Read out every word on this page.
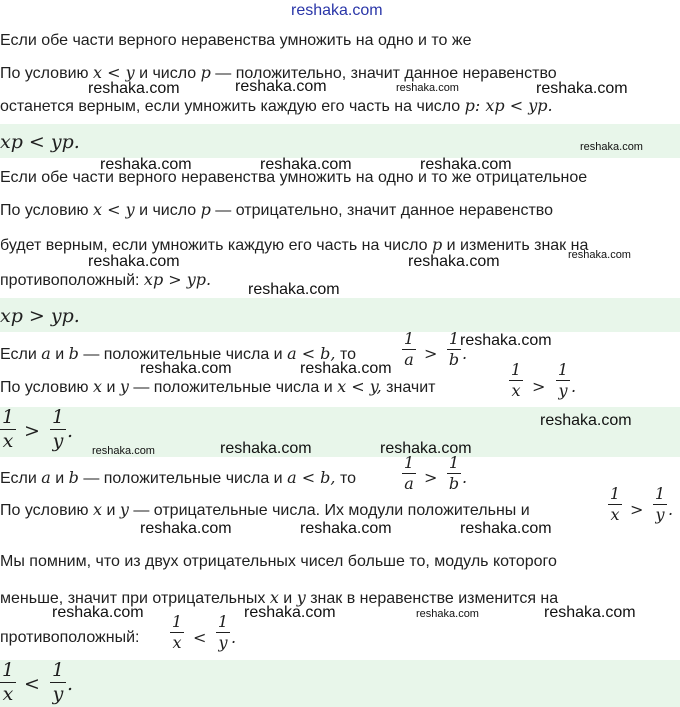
reshaka.com
Если обе части верного неравенства умножить на одно и то же
По условию x < y и число p — положительно, значит данное неравенство
останется верным, если умножить каждую его часть на число p: xp < yp.
xp < yp.
Если обе части верного неравенства умножить на одно и то же отрицательное
По условию x < y и число p — отрицательно, значит данное неравенство
будет верным, если умножить каждую его часть на число p и изменить знак на
противоположный: xp > yp.
xp > yp.
Если a и b — положительные числа и a < b, то
1
a >
1
b .
По условию x и y — положительные числа и x < y, значит
1
x >
1
y .
1
x >
1
y .
Если a и b — положительные числа и a < b, то
1
a >
1
b .
По условию x и y — отрицательные числа. Их модули положительны и
1
x >
1
y .
Мы помним, что из двух отрицательных чисел больше то, модуль которого
меньше, значит при отрицательных x и y знак в неравенстве изменится на
противоположный:
1
x <
1
y .
1
x <
1
y .
reshaka.com	reshaka.com	reshaka.com	reshaka.com
reshaka.com
reshaka.com	reshaka.com	reshaka.com
reshaka.com	reshaka.com	reshaka.com
reshaka.com
reshaka.com
reshaka.com	reshaka.com
reshaka.com
reshaka.com	reshaka.com	reshaka.com
reshaka.com	reshaka.com	reshaka.com
reshaka.com	reshaka.com	reshaka.com	reshaka.com
